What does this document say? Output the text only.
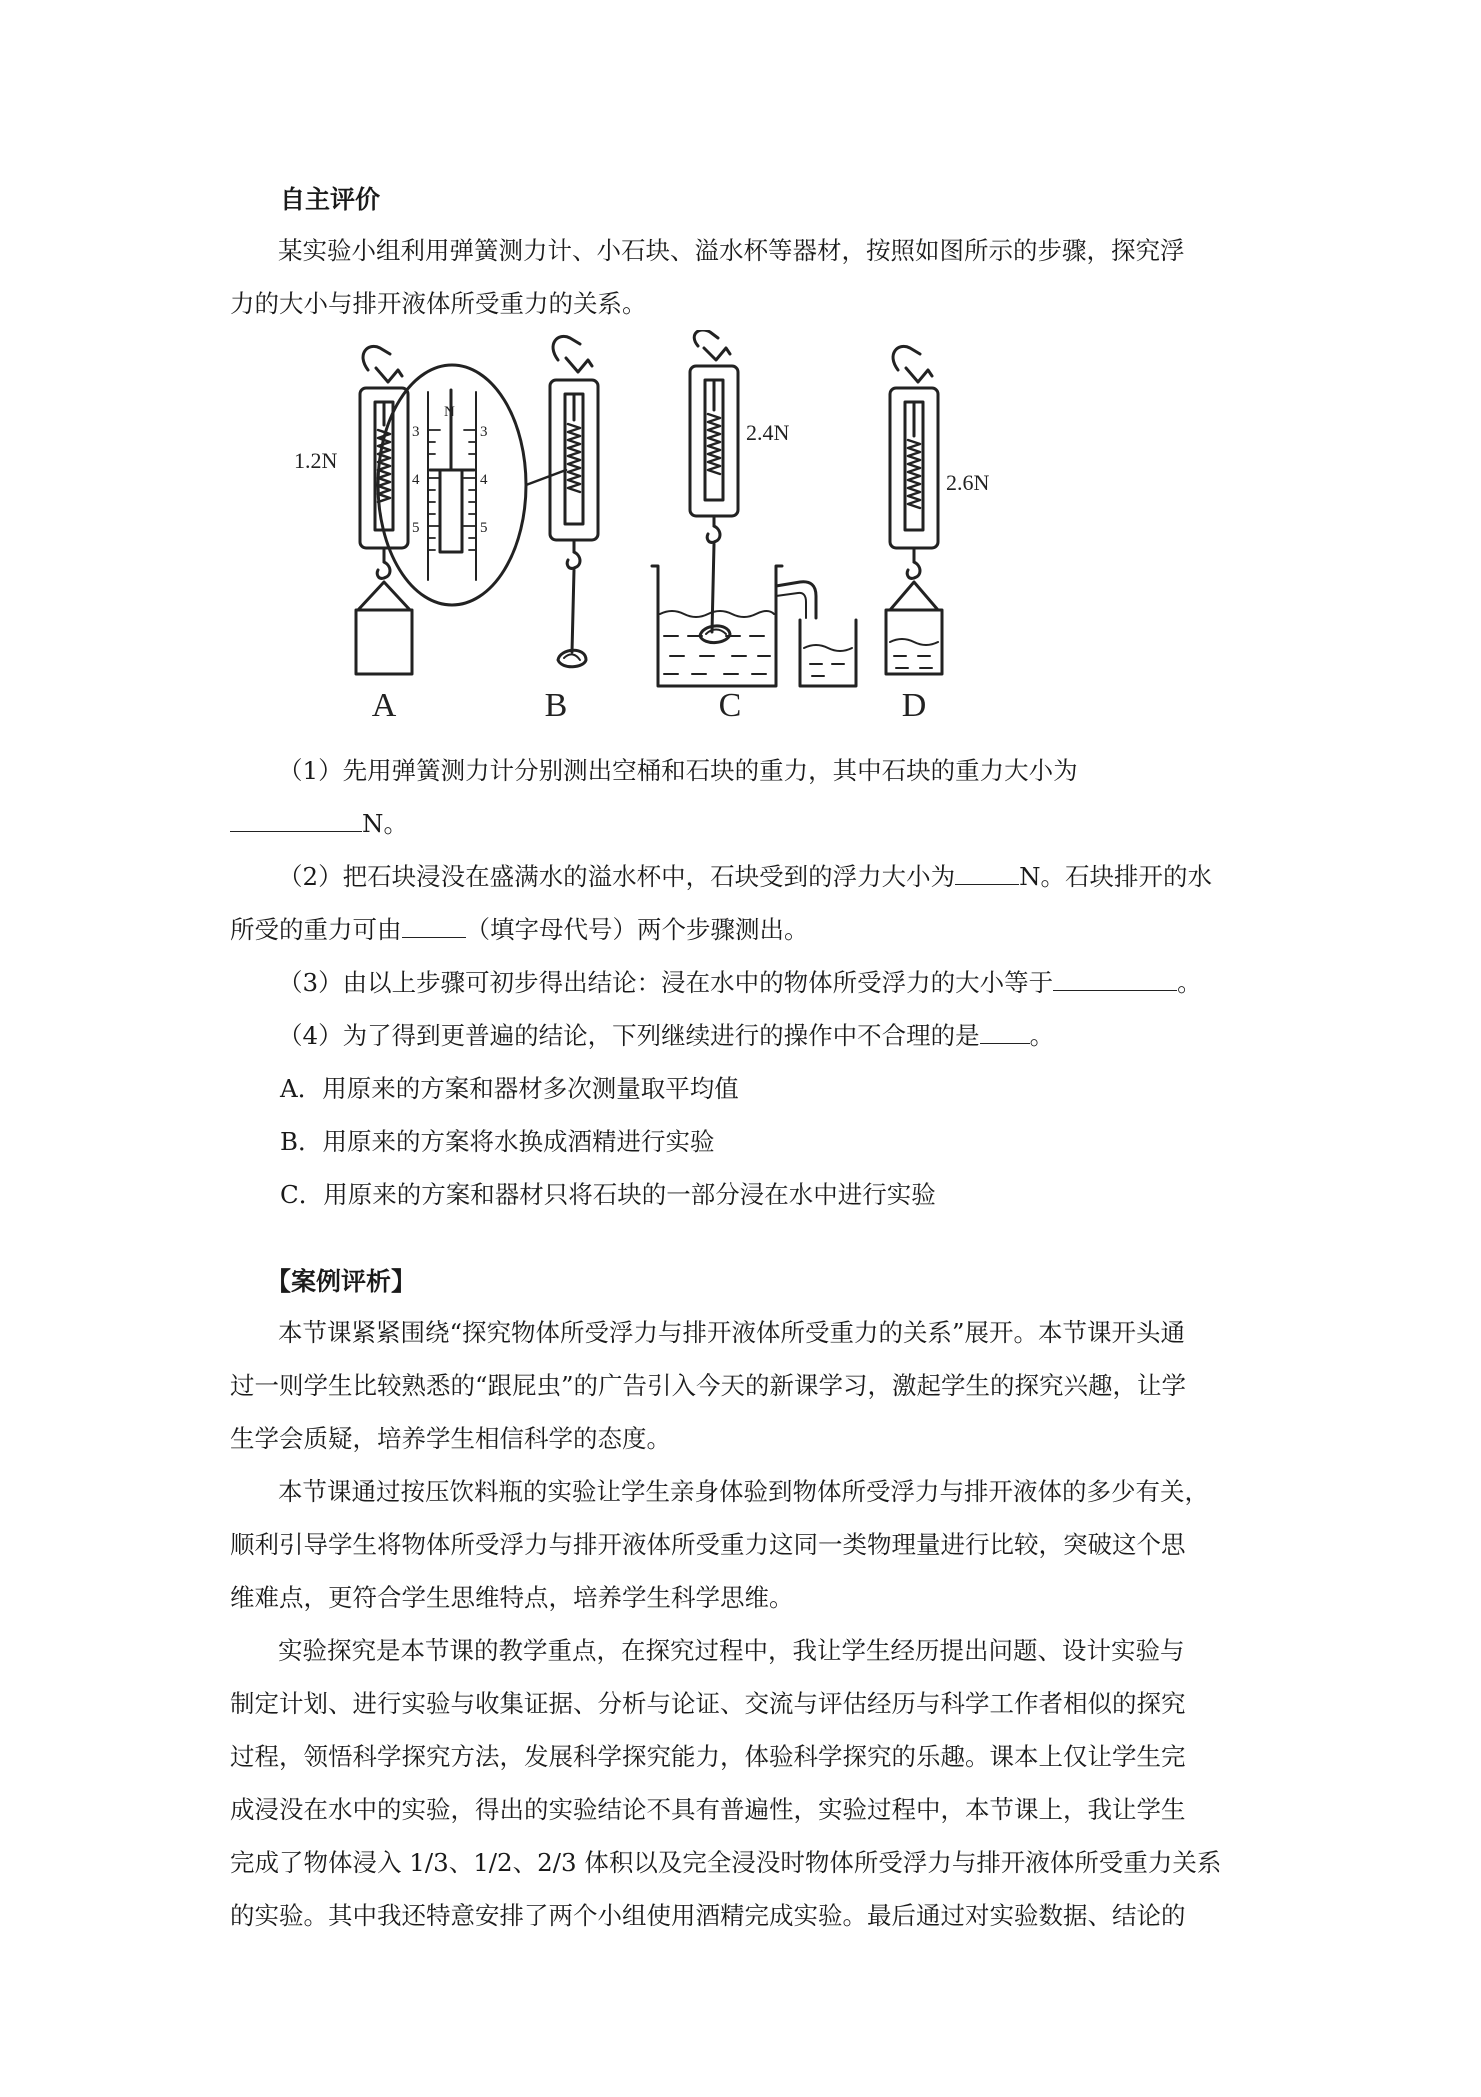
自主评价
某实验小组利用弹簧测力计、小石块、溢水杯等器材，按照如图所示的步骤，探究浮
力的大小与排开液体所受重力的关系。
1.2N
2.4N
2.6N
N
3
4
5
3
4
5
A	B	C	D
（1）先用弹簧测力计分别测出空桶和石块的重力，其中石块的重力大小为
N。
（2）把石块浸没在盛满水的溢水杯中，石块受到的浮力大小为	N。石块排开的水
所受的重力可由	（填字母代号）两个步骤测出。
（3）由以上步骤可初步得出结论：浸在水中的物体所受浮力的大小等于	。
（4）为了得到更普遍的结论，下列继续进行的操作中不合理的是 。
A．用原来的方案和器材多次测量取平均值
B．用原来的方案将水换成酒精进行实验
C．用原来的方案和器材只将石块的一部分浸在水中进行实验
【案例评析】
本节课紧紧围绕“探究物体所受浮力与排开液体所受重力的关系”展开。本节课开头通
过一则学生比较熟悉的“跟屁虫”的广告引入今天的新课学习，激起学生的探究兴趣，让学
生学会质疑，培养学生相信科学的态度。
本节课通过按压饮料瓶的实验让学生亲身体验到物体所受浮力与排开液体的多少有关，
顺利引导学生将物体所受浮力与排开液体所受重力这同一类物理量进行比较，突破这个思
维难点，更符合学生思维特点，培养学生科学思维。
实验探究是本节课的教学重点，在探究过程中，我让学生经历提出问题、设计实验与
制定计划、进行实验与收集证据、分析与论证、交流与评估经历与科学工作者相似的探究
过程，领悟科学探究方法，发展科学探究能力，体验科学探究的乐趣。课本上仅让学生完
成浸没在水中的实验，得出的实验结论不具有普遍性，实验过程中，本节课上，我让学生
完成了物体浸入 1/3、1/2、2/3 体积以及完全浸没时物体所受浮力与排开液体所受重力关系
的实验。其中我还特意安排了两个小组使用酒精完成实验。最后通过对实验数据、结论的
